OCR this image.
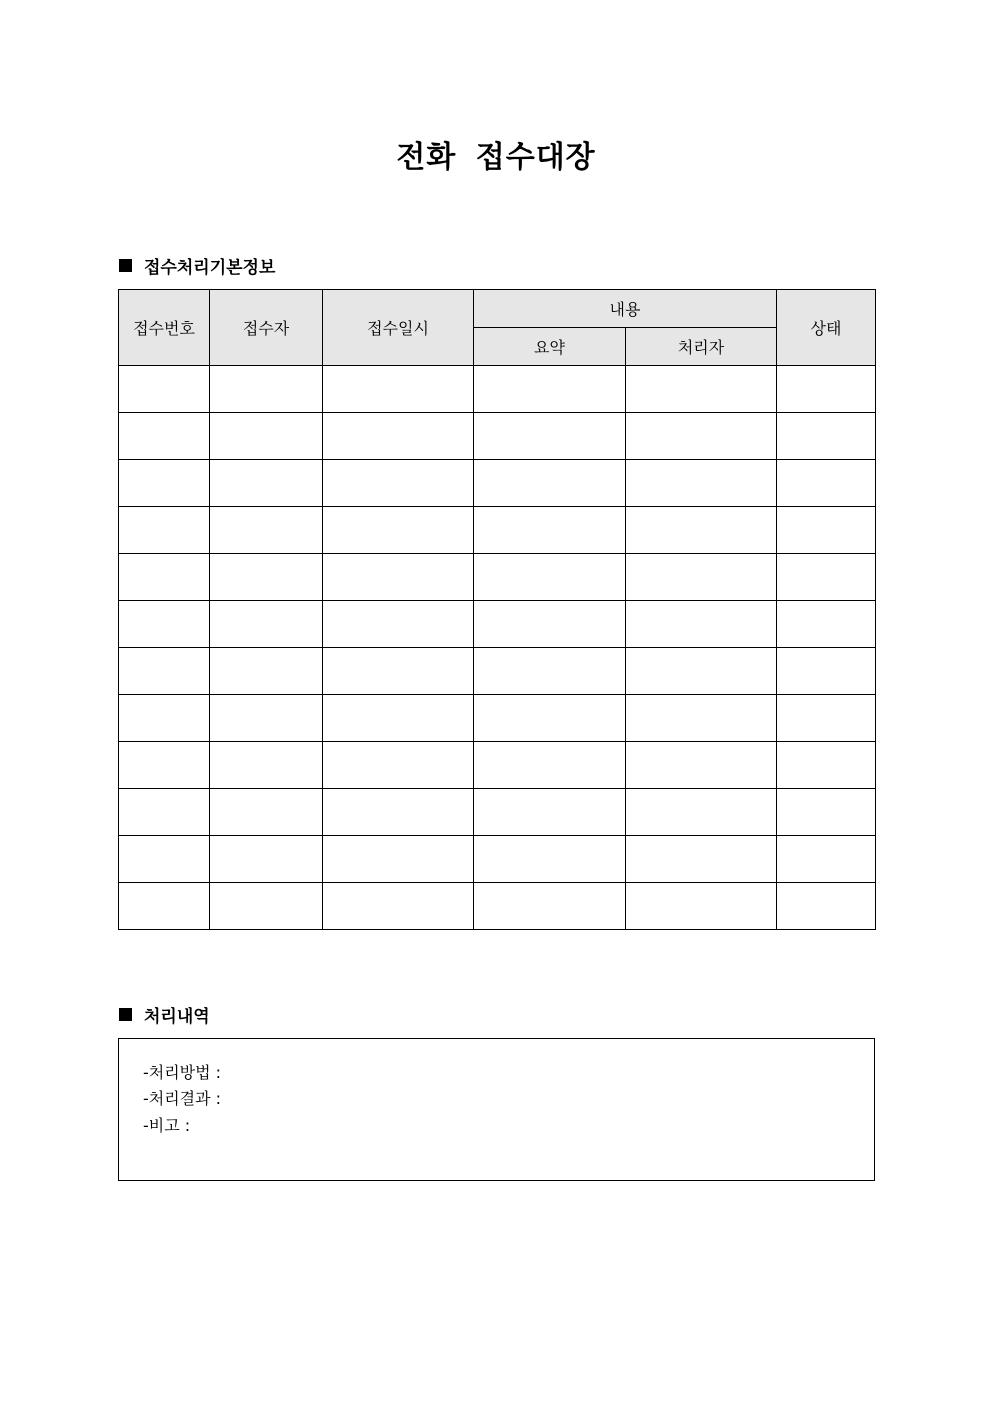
전화 접수대장
접수처리기본정보
접수번호	접수자	접수일시	내용		상태
			요약	처리자	

처리내역
-처리방법 :
-처리결과 :
-비고 :
